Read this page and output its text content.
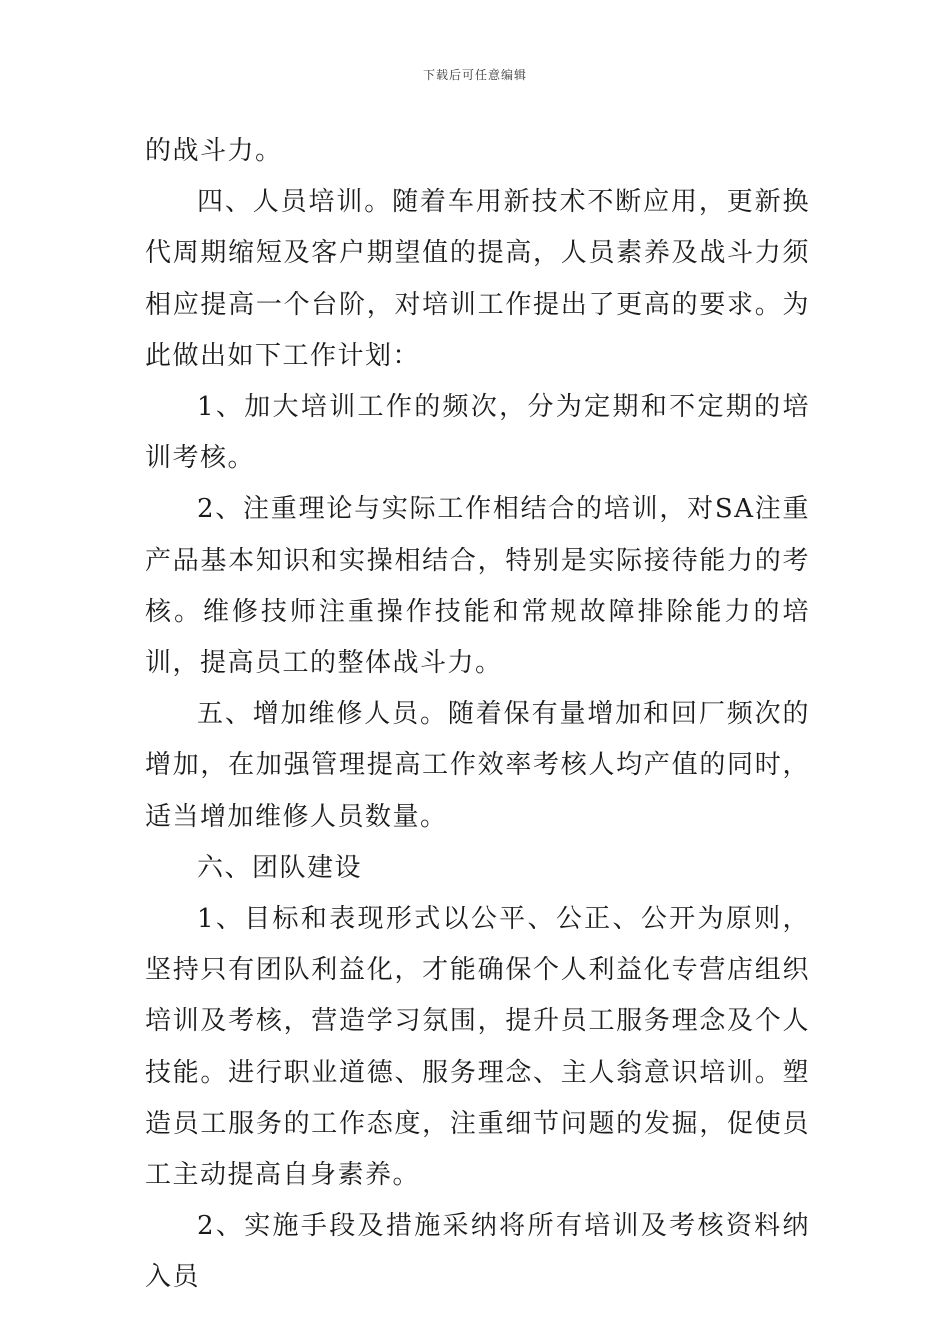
下载后可任意编辑

的战斗力。

四、人员培训。随着车用新技术不断应用，更新换代周期缩短及客户期望值的提高，人员素养及战斗力须相应提高一个台阶，对培训工作提出了更高的要求。为此做出如下工作计划：

1、加大培训工作的频次，分为定期和不定期的培训考核。

2、注重理论与实际工作相结合的培训，对SA注重产品基本知识和实操相结合，特别是实际接待能力的考核。维修技师注重操作技能和常规故障排除能力的培训，提高员工的整体战斗力。

五、增加维修人员。随着保有量增加和回厂频次的增加，在加强管理提高工作效率考核人均产值的同时，适当增加维修人员数量。

六、团队建设

1、目标和表现形式以公平、公正、公开为原则，坚持只有团队利益化，才能确保个人利益化专营店组织培训及考核，营造学习氛围，提升员工服务理念及个人技能。进行职业道德、服务理念、主人翁意识培训。塑造员工服务的工作态度，注重细节问题的发掘，促使员工主动提高自身素养。

2、实施手段及措施采纳将所有培训及考核资料纳入员
